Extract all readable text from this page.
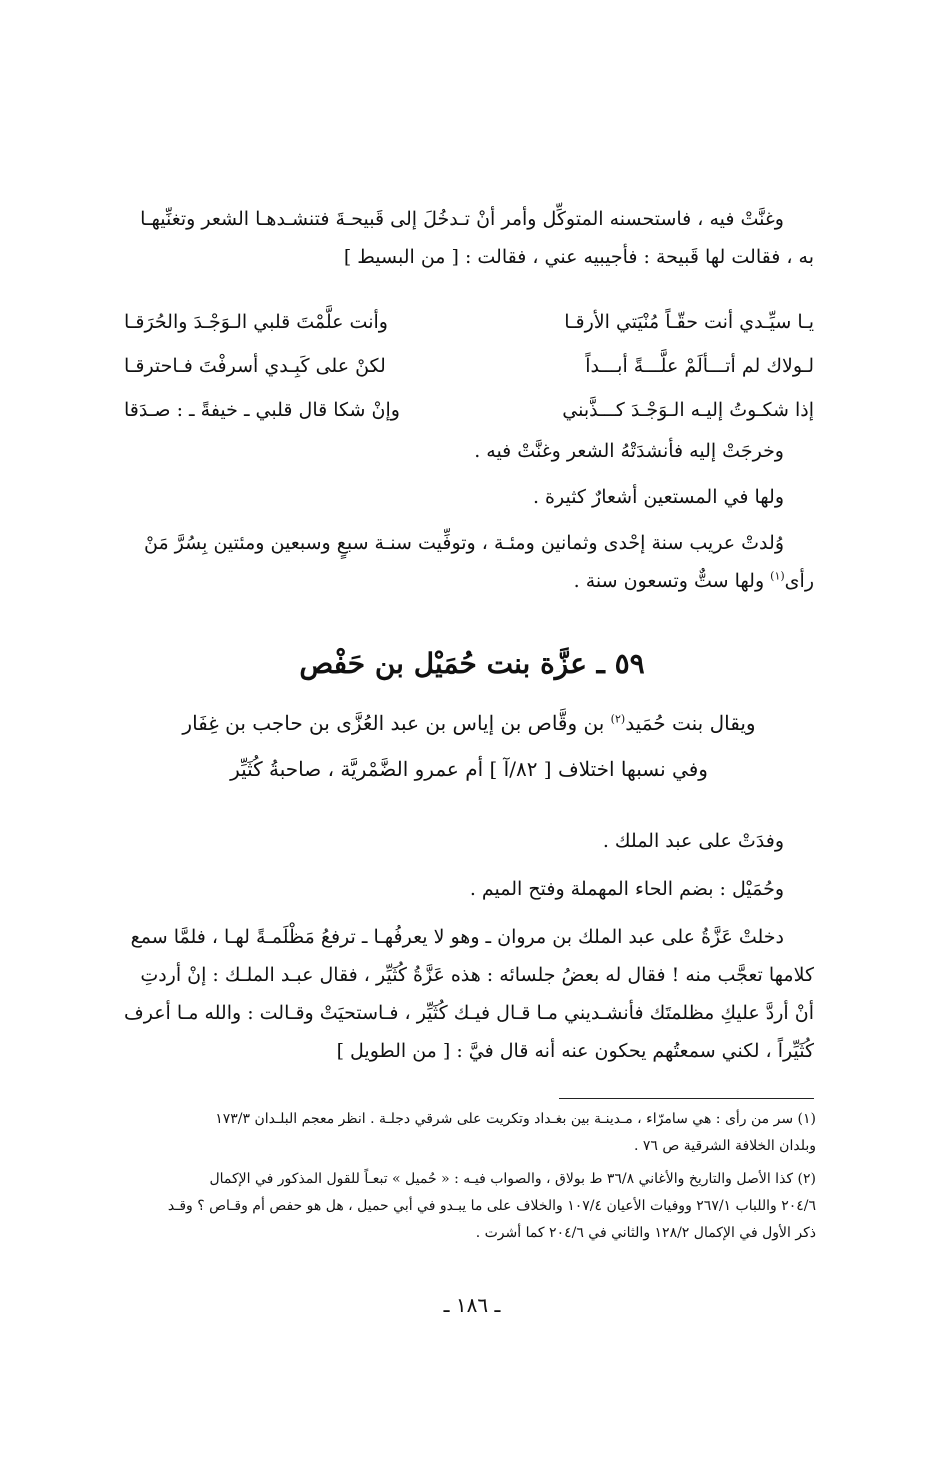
وغنَّتْ فيه ، فاستحسنه المتوكِّل وأمر أنْ تـدخُلَ إلى قَبيحـةَ فتنشـدهـا الشعر وتغنِّيهـا
به ، فقالت لها قَبيحة : فأجيبيه عني ، فقالت : [ من البسيط ]
يـا سيِّـدي أنت حقّـاً مُنْيَتي الأرقـا
وأنت علَّمْتَ قلبي الـوَجْـدَ والحُرَقـا
لـولاك لم أتـــألَمْ علَّـــةً أبـــداً
لكنْ على كَبِـدي أسرفْتَ فـاحترقـا
إذا شكـوتُ إليـه الـوَجْـدَ كـــذَّبني
وإنْ شكا قال قلبي ـ خيفةً ـ : صـدَقا
وخرجَتْ إليه فأنشدَتْهُ الشعر وغنَّتْ فيه .
ولها في المستعين أشعارٌ كثيرة .
وُلدتْ عريب سنة إحْدى وثمانين ومئـة ، وتوفِّيت سنـة سبعٍ وسبعين ومئتين بِسُرَّ مَنْ
رأى$^{(١)}$ ولها ستٌّ وتسعون سنة .
٥٩ ـ عزَّة بنت حُمَيْل بن حَفْص
ويقال بنت حُمَيد$^{(٢)}$ بن وقَّاص بن إياس بن عبد العُزَّى بن حاجب بن غِفَار
وفي نسبها اختلاف [ ٨٢/آ ] أم عمرو الضَّمْريَّة ، صاحبةُ كُثَيِّر
وفدَتْ على عبد الملك .
وحُمَيْل : بضم الحاء المهملة وفتح الميم .
دخلتْ عَزَّةُ على عبد الملك بن مروان ـ وهو لا يعرفُهـا ـ ترفعُ مَظْلَمـةً لهـا ، فلمَّا سمع
كلامها تعجَّب منه ! فقال له بعضُ جلسائه : هذه عَزَّةُ كُثَيِّر ، فقال عبـد الملـك : إنْ أردتِ
أنْ أردَّ عليكِ مظلمتَك فأنشـديني مـا قـال فيـك كُثَيِّر ، فـاستحيَتْ وقـالت : والله مـا أعرف
كُثَيِّراً ، لكني سمعتُهم يحكون عنه أنه قال فيَّ : [ من الطويل ]
(١) سر من رأى : هي سامرّاء ، مـدينـة بين بغـداد وتكريت على شرقي دجلـة . انظر معجم البلـدان ١٧٣/٣
وبلدان الخلافة الشرقية ص ٧٦ .
(٢) كذا الأصل والتاريخ والأغاني ٣٦/٨ ط بولاق ، والصواب فيـه : « حُميل » تبعـاً للقول المذكور في الإكمال
٢٠٤/٦ واللباب ٢٦٧/١ ووفيات الأعيان ١٠٧/٤ والخلاف على ما يبـدو في أبي حميل ، هل هو حفص أم وقـاص ؟ وقـد
ذكر الأول في الإكمال ١٢٨/٢ والثاني في ٢٠٤/٦ كما أشرت .
ـ ١٨٦ ـ
